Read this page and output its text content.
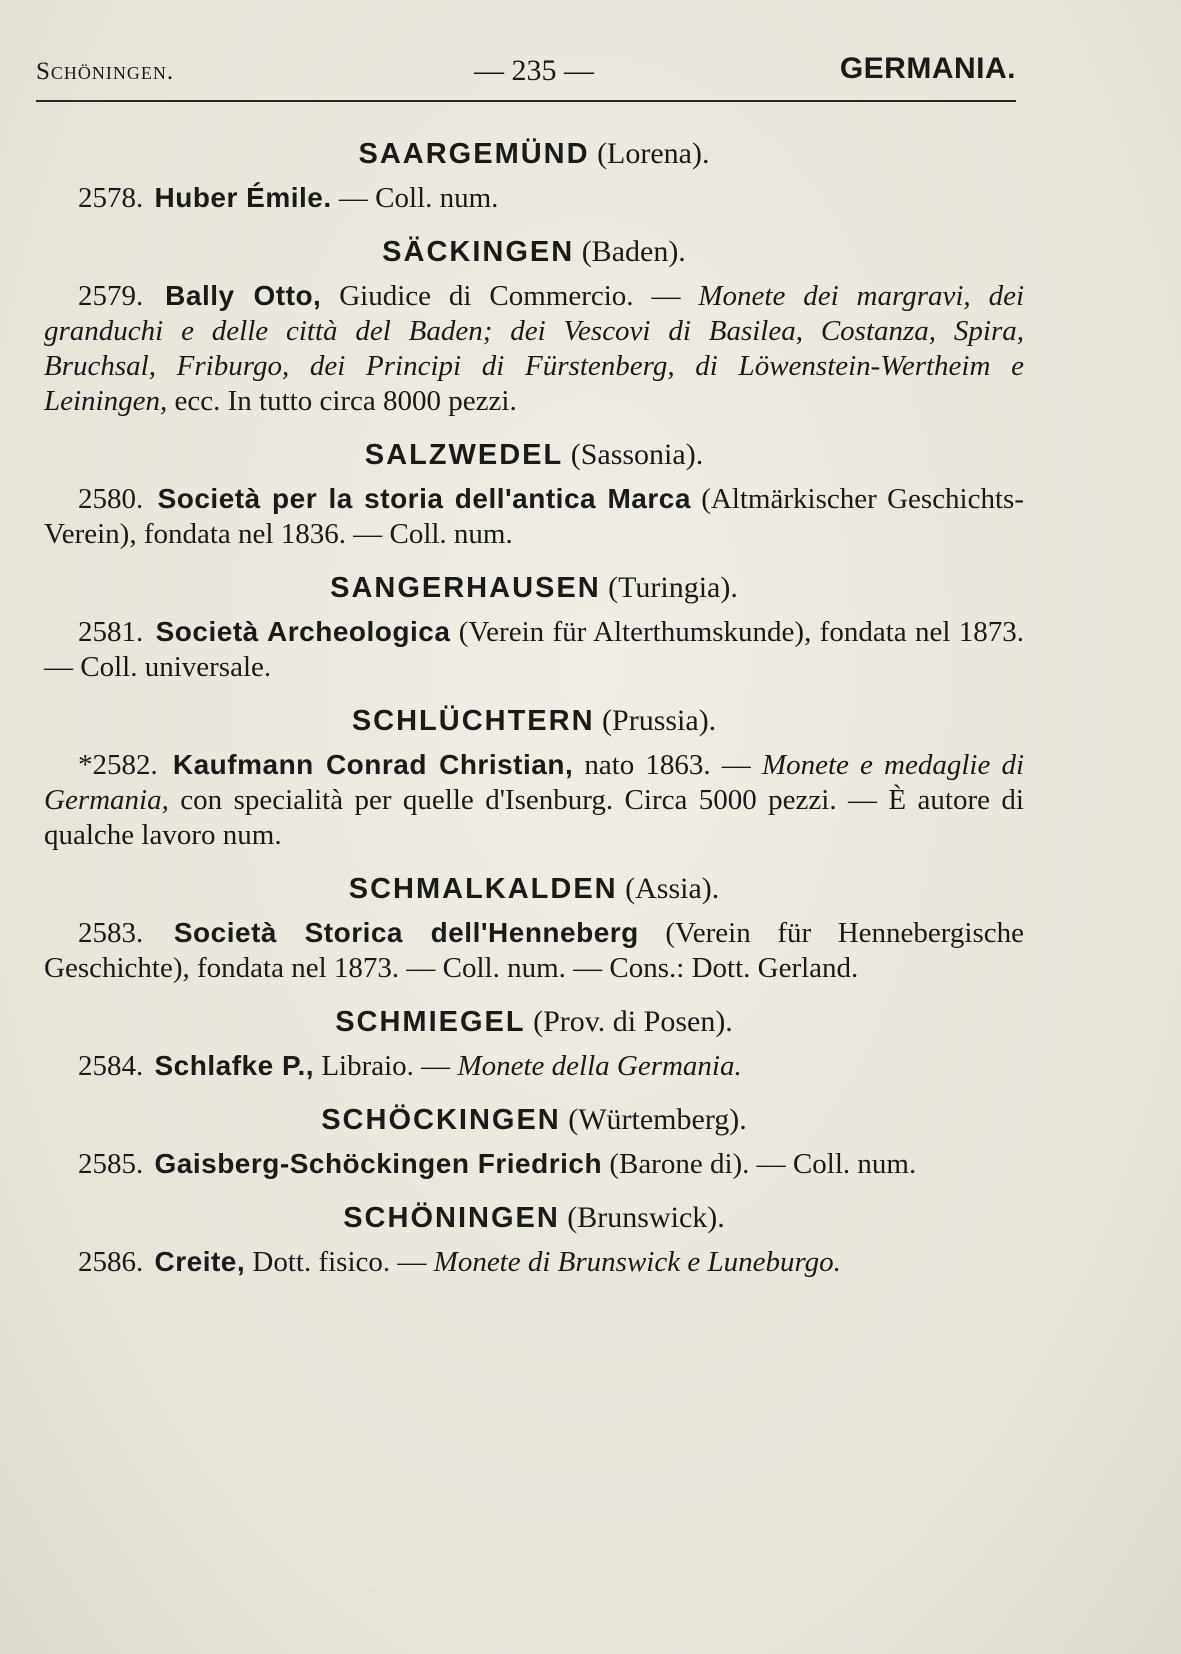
Schöningen.	— 235 —	GERMANIA.
SAARGEMÜND (Lorena).

2578. Huber Émile. — Coll. num.

SÄCKINGEN (Baden).

2579. Bally Otto, Giudice di Commercio. — Monete dei margravi, dei granduchi e delle città del Baden; dei Vescovi di Basilea, Costanza, Spira, Bruchsal, Friburgo, dei Principi di Fürstenberg, di Löwenstein-Wertheim e Leiningen, ecc. In tutto circa 8000 pezzi.

SALZWEDEL (Sassonia).

2580. Società per la storia dell'antica Marca (Altmärkischer Geschichts-Verein), fondata nel 1836. — Coll. num.

SANGERHAUSEN (Turingia).

2581. Società Archeologica (Verein für Alterthumskunde), fondata nel 1873. — Coll. universale.

SCHLÜCHTERN (Prussia).

*2582. Kaufmann Conrad Christian, nato 1863. — Monete e medaglie di Germania, con specialità per quelle d'Isenburg. Circa 5000 pezzi. — È autore di qualche lavoro num.

SCHMALKALDEN (Assia).

2583. Società Storica dell'Henneberg (Verein für Hennebergische Geschichte), fondata nel 1873. — Coll. num. — Cons.: Dott. Gerland.

SCHMIEGEL (Prov. di Posen).

2584. Schlafke P., Libraio. — Monete della Germania.

SCHÖCKINGEN (Würtemberg).

2585. Gaisberg-Schöckingen Friedrich (Barone di). — Coll. num.

SCHÖNINGEN (Brunswick).

2586. Creite, Dott. fisico. — Monete di Brunswick e Luneburgo.
